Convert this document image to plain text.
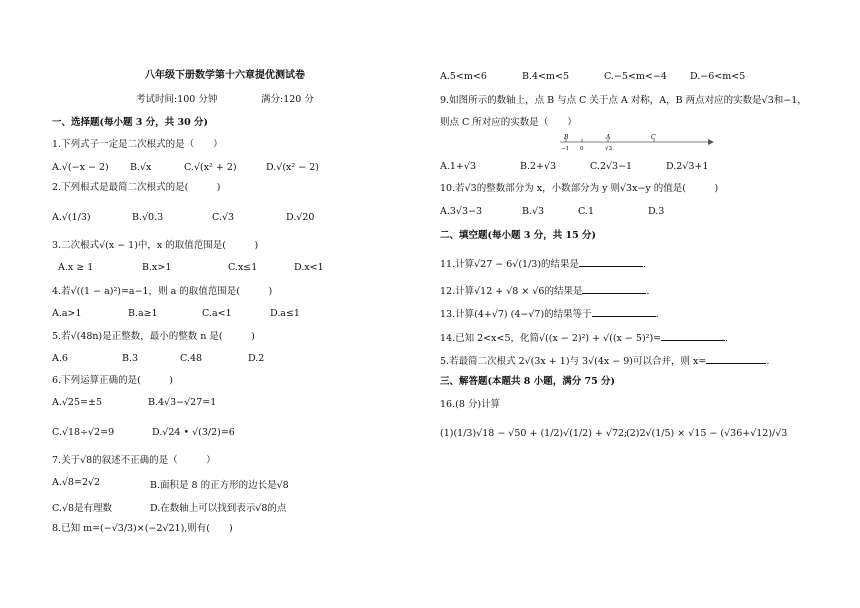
八年级下册数学第十六章提优测试卷
考试时间:100 分钟	满分:120 分
一、选择题(每小题 3 分，共 30 分)
1.下列式子一定是二次根式的是（　　）
A.√(−x − 2) B.√x	C.√(x² + 2)	D.√(x² − 2)
2.下列根式是最简二次根式的是(　　　)
A.√(1/3)	B.√0.3	C.√3	D.√20
3.二次根式√(x − 1)中，x 的取值范围是(　　　)
A.x ≥ 1	B.x>1	C.x≤1	D.x<1
4.若√((1 − a)²)=a−1，则 a 的取值范围是(　　　)
A.a>1	B.a≥1	C.a<1	D.a≤1
5.若√(48n)是正整数，最小的整数 n 是(　　　)
A.6	B.3	C.48	D.2
6.下列运算正确的是(　　　)
A.√25=±5	B.4√3−√27=1
C.√18÷√2=9	D.√24 • √(3/2)=6
7.关于√8的叙述不正确的是（　　　）
A.√8=2√2	B.面积是 8 的正方形的边长是√8
C.√8是有理数	D.在数轴上可以找到表示√8的点
8.已知 m=(−√3/3)×(−2√21),则有(　　)
A.5<m<6	B.4<m<5	C.−5<m<−4 D.−6<m<5
9.如图所示的数轴上，点 B 与点 C 关于点 A 对称，A，B 两点对应的实数是√3和−1，
则点 C 所对应的实数是（　　）
B	A	C
−1 0	√3
A.1+√3	B.2+√3	C.2√3−1	D.2√3+1
10.若√3的整数部分为 x，小数部分为 y 则√3x−y 的值是(　　　)
A.3√3−3	B.√3	C.1	D.3
二、填空题(每小题 3 分，共 15 分)
11.计算√27 − 6√(1/3)的结果是	.
12.计算√12 + √8 × √6的结果是	.
13.计算(4+√7) (4−√7)的结果等于	.
14.已知 2<x<5，化简√((x − 2)²) + √((x − 5)²)=	.
5.若最简二次根式 2√(3x + 1)与 3√(4x − 9)可以合并，则 x=	.
三、解答题(本题共 8 小题，满分 75 分)
16.(8 分)计算
(1)(1/3)√18 − √50 + (1/2)√(1/2) + √72;
(2)2√(1/5) × √15 − (√36+√12)/√3
